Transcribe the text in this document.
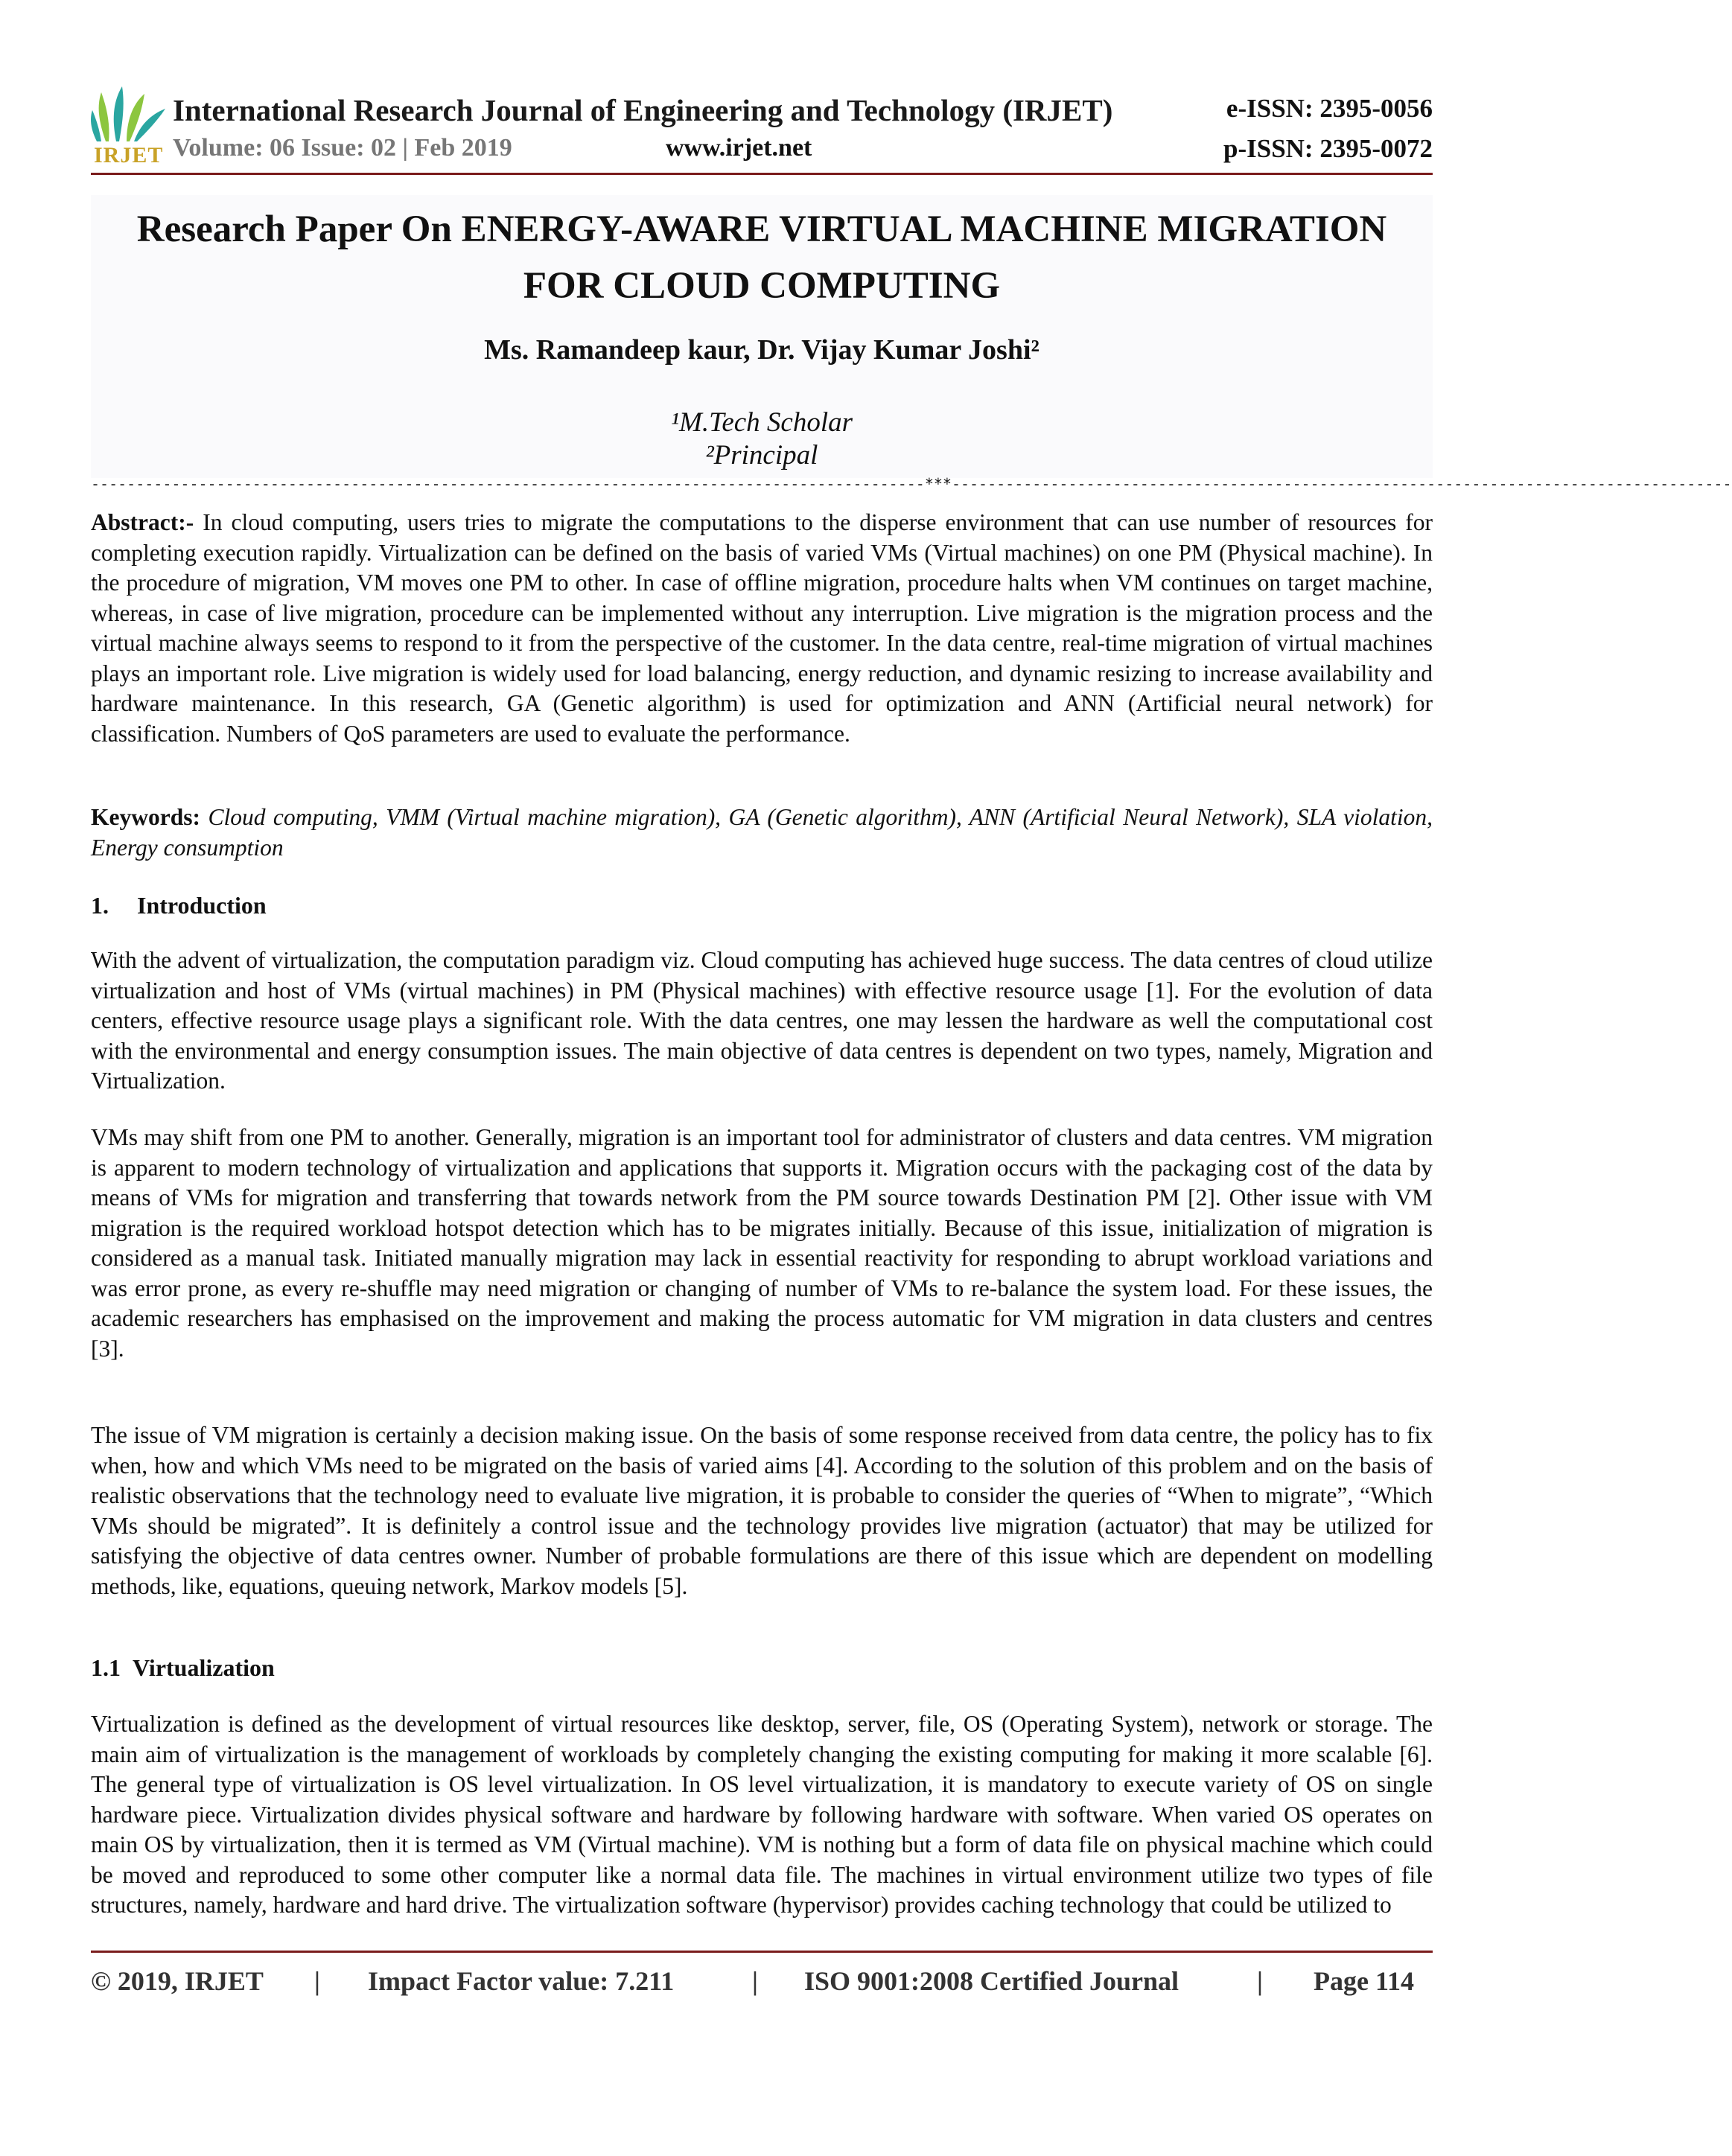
IRJET
International Research Journal of Engineering and Technology (IRJET)
Volume: 06 Issue: 02 | Feb 2019	www.irjet.net
e-ISSN: 2395-0056
p-ISSN: 2395-0072
Research Paper On ENERGY-AWARE VIRTUAL MACHINE MIGRATION
FOR CLOUD COMPUTING
Ms. Ramandeep kaur, Dr. Vijay Kumar Joshi²
¹M.Tech Scholar
²Principal
---------------------------------------------------------------------------------------------***---------------------------------------------------------------------------------------
Abstract:- In cloud computing, users tries to migrate the computations to the disperse environment that can use number of resources for completing execution rapidly. Virtualization can be defined on the basis of varied VMs (Virtual machines) on one PM (Physical machine). In the procedure of migration, VM moves one PM to other. In case of offline migration, procedure halts when VM continues on target machine, whereas, in case of live migration, procedure can be implemented without any interruption. Live migration is the migration process and the virtual machine always seems to respond to it from the perspective of the customer. In the data centre, real-time migration of virtual machines plays an important role. Live migration is widely used for load balancing, energy reduction, and dynamic resizing to increase availability and hardware maintenance. In this research, GA (Genetic algorithm) is used for optimization and ANN (Artificial neural network) for classification. Numbers of QoS parameters are used to evaluate the performance.
Keywords: Cloud computing, VMM (Virtual machine migration), GA (Genetic algorithm), ANN (Artificial Neural Network), SLA violation, Energy consumption
1. Introduction
With the advent of virtualization, the computation paradigm viz. Cloud computing has achieved huge success. The data centres of cloud utilize virtualization and host of VMs (virtual machines) in PM (Physical machines) with effective resource usage [1]. For the evolution of data centers, effective resource usage plays a significant role. With the data centres, one may lessen the hardware as well the computational cost with the environmental and energy consumption issues. The main objective of data centres is dependent on two types, namely, Migration and Virtualization.
VMs may shift from one PM to another. Generally, migration is an important tool for administrator of clusters and data centres. VM migration is apparent to modern technology of virtualization and applications that supports it. Migration occurs with the packaging cost of the data by means of VMs for migration and transferring that towards network from the PM source towards Destination PM [2]. Other issue with VM migration is the required workload hotspot detection which has to be migrates initially. Because of this issue, initialization of migration is considered as a manual task. Initiated manually migration may lack in essential reactivity for responding to abrupt workload variations and was error prone, as every re-shuffle may need migration or changing of number of VMs to re-balance the system load. For these issues, the academic researchers has emphasised on the improvement and making the process automatic for VM migration in data clusters and centres [3].
The issue of VM migration is certainly a decision making issue. On the basis of some response received from data centre, the policy has to fix when, how and which VMs need to be migrated on the basis of varied aims [4]. According to the solution of this problem and on the basis of realistic observations that the technology need to evaluate live migration, it is probable to consider the queries of “When to migrate”, “Which VMs should be migrated”. It is definitely a control issue and the technology provides live migration (actuator) that may be utilized for satisfying the objective of data centres owner. Number of probable formulations are there of this issue which are dependent on modelling methods, like, equations, queuing network, Markov models [5].
1.1 Virtualization
Virtualization is defined as the development of virtual resources like desktop, server, file, OS (Operating System), network or storage. The main aim of virtualization is the management of workloads by completely changing the existing computing for making it more scalable [6]. The general type of virtualization is OS level virtualization. In OS level virtualization, it is mandatory to execute variety of OS on single hardware piece. Virtualization divides physical software and hardware by following hardware with software. When varied OS operates on main OS by virtualization, then it is termed as VM (Virtual machine). VM is nothing but a form of data file on physical machine which could be moved and reproduced to some other computer like a normal data file. The machines in virtual environment utilize two types of file structures, namely, hardware and hard drive. The virtualization software (hypervisor) provides caching technology that could be utilized to
© 2019, IRJET | Impact Factor value: 7.211	| ISO 9001:2008 Certified Journal	| Page 114
